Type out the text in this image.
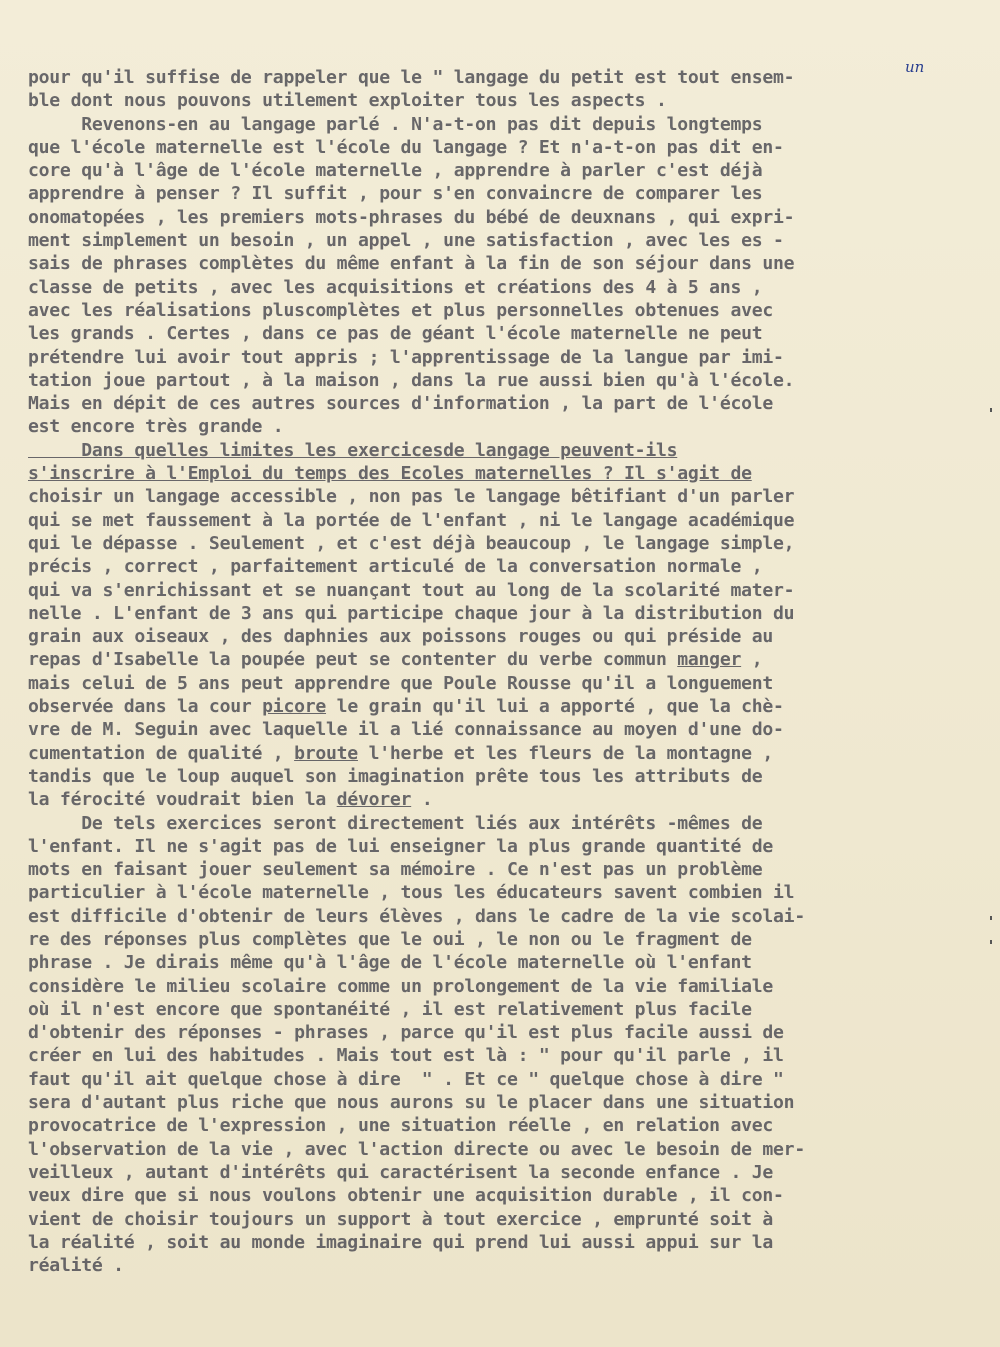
un
pour qu'il suffise de rappeler que le " langage du petit est tout ensem-
ble dont nous pouvons utilement exploiter tous les aspects .
Revenons-en au langage parlé . N'a-t-on pas dit depuis longtemps
que l'école maternelle est l'école du langage ? Et n'a-t-on pas dit en-
core qu'à l'âge de l'école maternelle , apprendre à parler c'est déjà
apprendre à penser ? Il suffit , pour s'en convaincre de comparer les
onomatopées , les premiers mots-phrases du bébé de deuxnans , qui expri-
ment simplement un besoin , un appel , une satisfaction , avec les es -
sais de phrases complètes du même enfant à la fin de son séjour dans une
classe de petits , avec les acquisitions et créations des 4 à 5 ans ,
avec les réalisations pluscomplètes et plus personnelles obtenues avec
les grands . Certes , dans ce pas de géant l'école maternelle ne peut
prétendre lui avoir tout appris ; l'apprentissage de la langue par imi-
tation joue partout , à la maison , dans la rue aussi bien qu'à l'école.
Mais en dépit de ces autres sources d'information , la part de l'école
est encore très grande .
Dans quelles limites les exercicesde langage peuvent-ils
s'inscrire à l'Emploi du temps des Ecoles maternelles ? Il s'agit de
choisir un langage accessible , non pas le langage bêtifiant d'un parler
qui se met faussement à la portée de l'enfant , ni le langage académique
qui le dépasse . Seulement , et c'est déjà beaucoup , le langage simple,
précis , correct , parfaitement articulé de la conversation normale ,
qui va s'enrichissant et se nuançant tout au long de la scolarité mater-
nelle . L'enfant de 3 ans qui participe chaque jour à la distribution du
grain aux oiseaux , des daphnies aux poissons rouges ou qui préside au
repas d'Isabelle la poupée peut se contenter du verbe commun manger ,
mais celui de 5 ans peut apprendre que Poule Rousse qu'il a longuement
observée dans la cour picore le grain qu'il lui a apporté , que la chè-
vre de M. Seguin avec laquelle il a lié connaissance au moyen d'une do-
cumentation de qualité , broute l'herbe et les fleurs de la montagne ,
tandis que le loup auquel son imagination prête tous les attributs de
la férocité voudrait bien la dévorer .
De tels exercices seront directement liés aux intérêts -mêmes de
l'enfant. Il ne s'agit pas de lui enseigner la plus grande quantité de
mots en faisant jouer seulement sa mémoire . Ce n'est pas un problème
particulier à l'école maternelle , tous les éducateurs savent combien il
est difficile d'obtenir de leurs élèves , dans le cadre de la vie scolai-
re des réponses plus complètes que le oui , le non ou le fragment de
phrase . Je dirais même qu'à l'âge de l'école maternelle où l'enfant
considère le milieu scolaire comme un prolongement de la vie familiale
où il n'est encore que spontanéité , il est relativement plus facile
d'obtenir des réponses - phrases , parce qu'il est plus facile aussi de
créer en lui des habitudes . Mais tout est là : " pour qu'il parle , il
faut qu'il ait quelque chose à dire  " . Et ce " quelque chose à dire "
sera d'autant plus riche que nous aurons su le placer dans une situation
provocatrice de l'expression , une situation réelle , en relation avec
l'observation de la vie , avec l'action directe ou avec le besoin de mer-
veilleux , autant d'intérêts qui caractérisent la seconde enfance . Je
veux dire que si nous voulons obtenir une acquisition durable , il con-
vient de choisir toujours un support à tout exercice , emprunté soit à
la réalité , soit au monde imaginaire qui prend lui aussi appui sur la
réalité .
